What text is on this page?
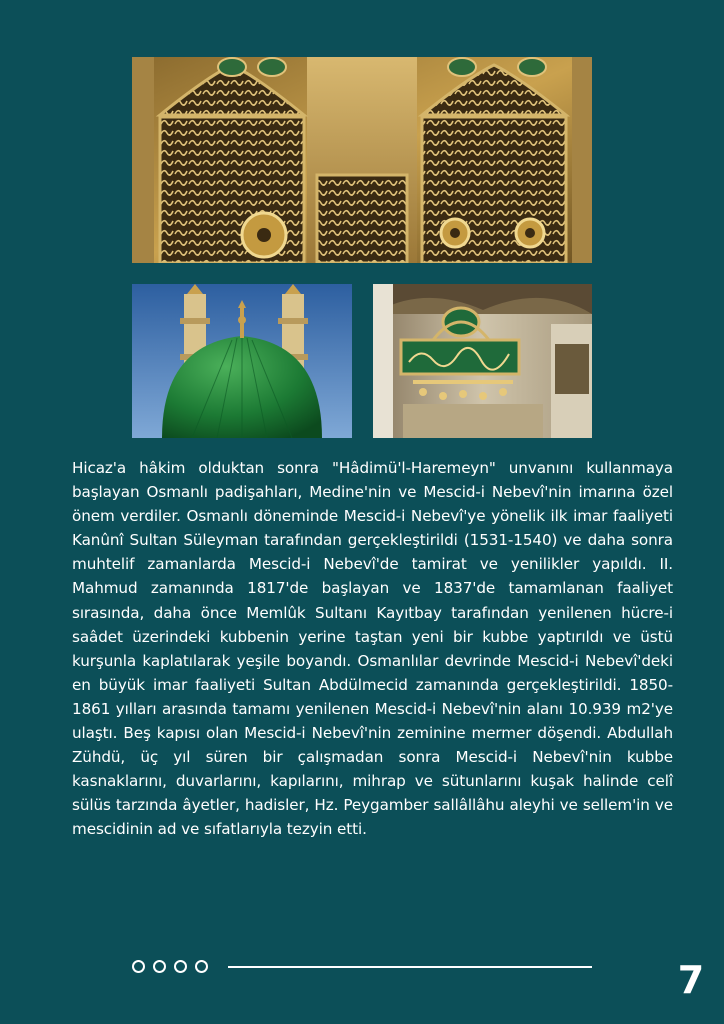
Hicaz'a hâkim olduktan sonra "Hâdimü'l-Haremeyn" unvanını kullanmaya başlayan Osmanlı padişahları, Medine'nin ve Mescid-i Nebevî'nin imarına özel önem verdiler. Osmanlı döneminde Mescid-i Nebevî'ye yönelik ilk imar faaliyeti Kanûnî Sultan Süleyman tarafından gerçekleştirildi (1531-1540) ve daha sonra muhtelif zamanlarda Mescid-i Nebevî'de tamirat ve yenilikler yapıldı. II. Mahmud zamanında 1817'de başlayan ve 1837'de tamamlanan faaliyet sırasında, daha önce Memlûk Sultanı Kayıtbay tarafından yenilenen hücre-i saâdet üzerindeki kubbenin yerine taştan yeni bir kubbe yaptırıldı ve üstü kurşunla kaplatılarak yeşile boyandı. Osmanlılar devrinde Mescid-i Nebevî'deki en büyük imar faaliyeti Sultan Abdülmecid zamanında gerçekleştirildi. 1850-1861 yılları arasında tamamı yenilenen Mescid-i Nebevî'nin alanı 10.939 m2'ye ulaştı. Beş kapısı olan Mescid-i Nebevî'nin zeminine mermer döşendi. Abdullah Zühdü, üç yıl süren bir çalışmadan sonra Mescid-i Nebevî'nin kubbe kasnaklarını, duvarlarını, kapılarını, mihrap ve sütunlarını kuşak halinde celî sülüs tarzında âyetler, hadisler, Hz. Peygamber sallâllâhu aleyhi ve sellem'in ve mescidinin ad ve sıfatlarıyla tezyin etti.

7
